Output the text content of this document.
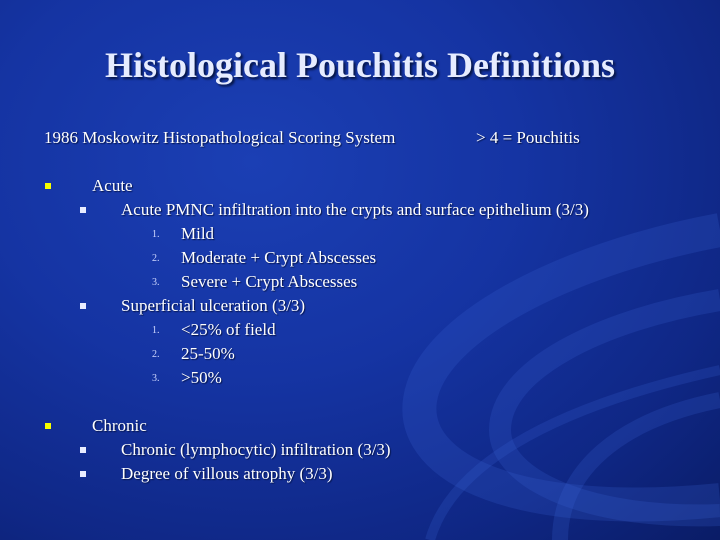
Histological Pouchitis Definitions
1986 Moskowitz Histopathological Scoring System	> 4 = Pouchitis
Acute
Acute PMNC infiltration into the crypts and surface epithelium (3/3)
1. Mild
2. Moderate + Crypt Abscesses
3. Severe + Crypt Abscesses
Superficial ulceration (3/3)
1. <25% of field
2. 25-50%
3. >50%
Chronic
Chronic (lymphocytic) infiltration (3/3)
Degree of villous atrophy (3/3)
